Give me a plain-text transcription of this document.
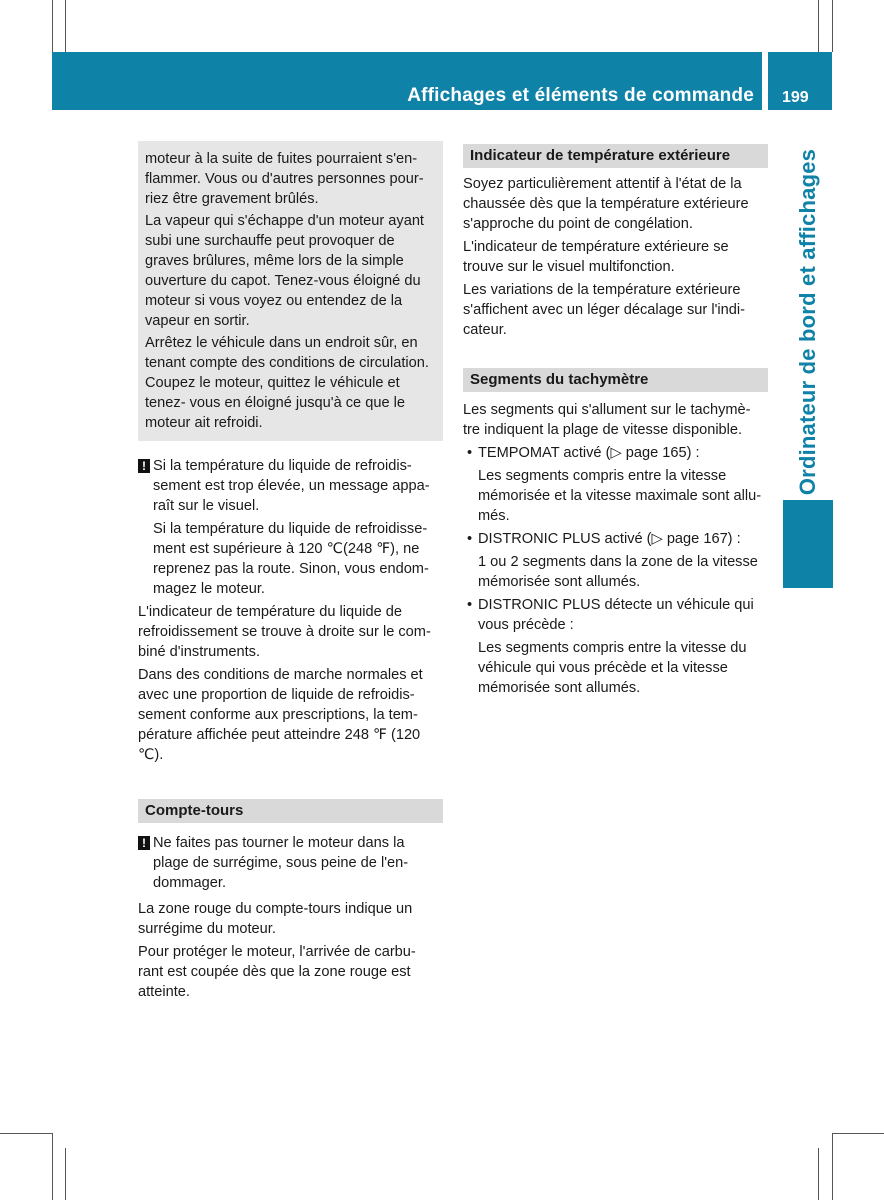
Affichages et éléments de commande 199
Ordinateur de bord et affichages

moteur à la suite de fuites pourraient s'en- flammer. Vous ou d'autres personnes pour- riez être gravement brûlés.

La vapeur qui s'échappe d'un moteur ayant subi une surchauffe peut provoquer de graves brûlures, même lors de la simple ouverture du capot. Tenez-vous éloigné du moteur si vous voyez ou entendez de la vapeur en sortir.

Arrêtez le véhicule dans un endroit sûr, en tenant compte des conditions de circulation. Coupez le moteur, quittez le véhicule et tenez- vous en éloigné jusqu'à ce que le moteur ait refroidi.

! Si la température du liquide de refroidis- sement est trop élevée, un message appa- raît sur le visuel.

Si la température du liquide de refroidisse- ment est supérieure à 120 ℃(248 ℉), ne reprenez pas la route. Sinon, vous endom- magez le moteur.

L'indicateur de température du liquide de refroidissement se trouve à droite sur le com- biné d'instruments.

Dans des conditions de marche normales et avec une proportion de liquide de refroidis- sement conforme aux prescriptions, la tem- pérature affichée peut atteindre 248 ℉ (120 ℃).

Compte-tours
! Ne faites pas tourner le moteur dans la plage de surrégime, sous peine de l'en- dommager.

La zone rouge du compte-tours indique un surrégime du moteur.

Pour protéger le moteur, l'arrivée de carbu- rant est coupée dès que la zone rouge est atteinte.

Indicateur de température extérieure

Soyez particulièrement attentif à l'état de la chaussée dès que la température extérieure s'approche du point de congélation.

L'indicateur de température extérieure se trouve sur le visuel multifonction.

Les variations de la température extérieure s'affichent avec un léger décalage sur l'indi- cateur.

Segments du tachymètre

Les segments qui s'allument sur le tachymè- tre indiquent la plage de vitesse disponible.

• TEMPOMAT activé (▷ page 165) :

Les segments compris entre la vitesse mémorisée et la vitesse maximale sont allu- més.

• DISTRONIC PLUS activé (▷ page 167) :

1 ou 2 segments dans la zone de la vitesse mémorisée sont allumés.

• DISTRONIC PLUS détecte un véhicule qui vous précède :

Les segments compris entre la vitesse du véhicule qui vous précède et la vitesse mémorisée sont allumés.
